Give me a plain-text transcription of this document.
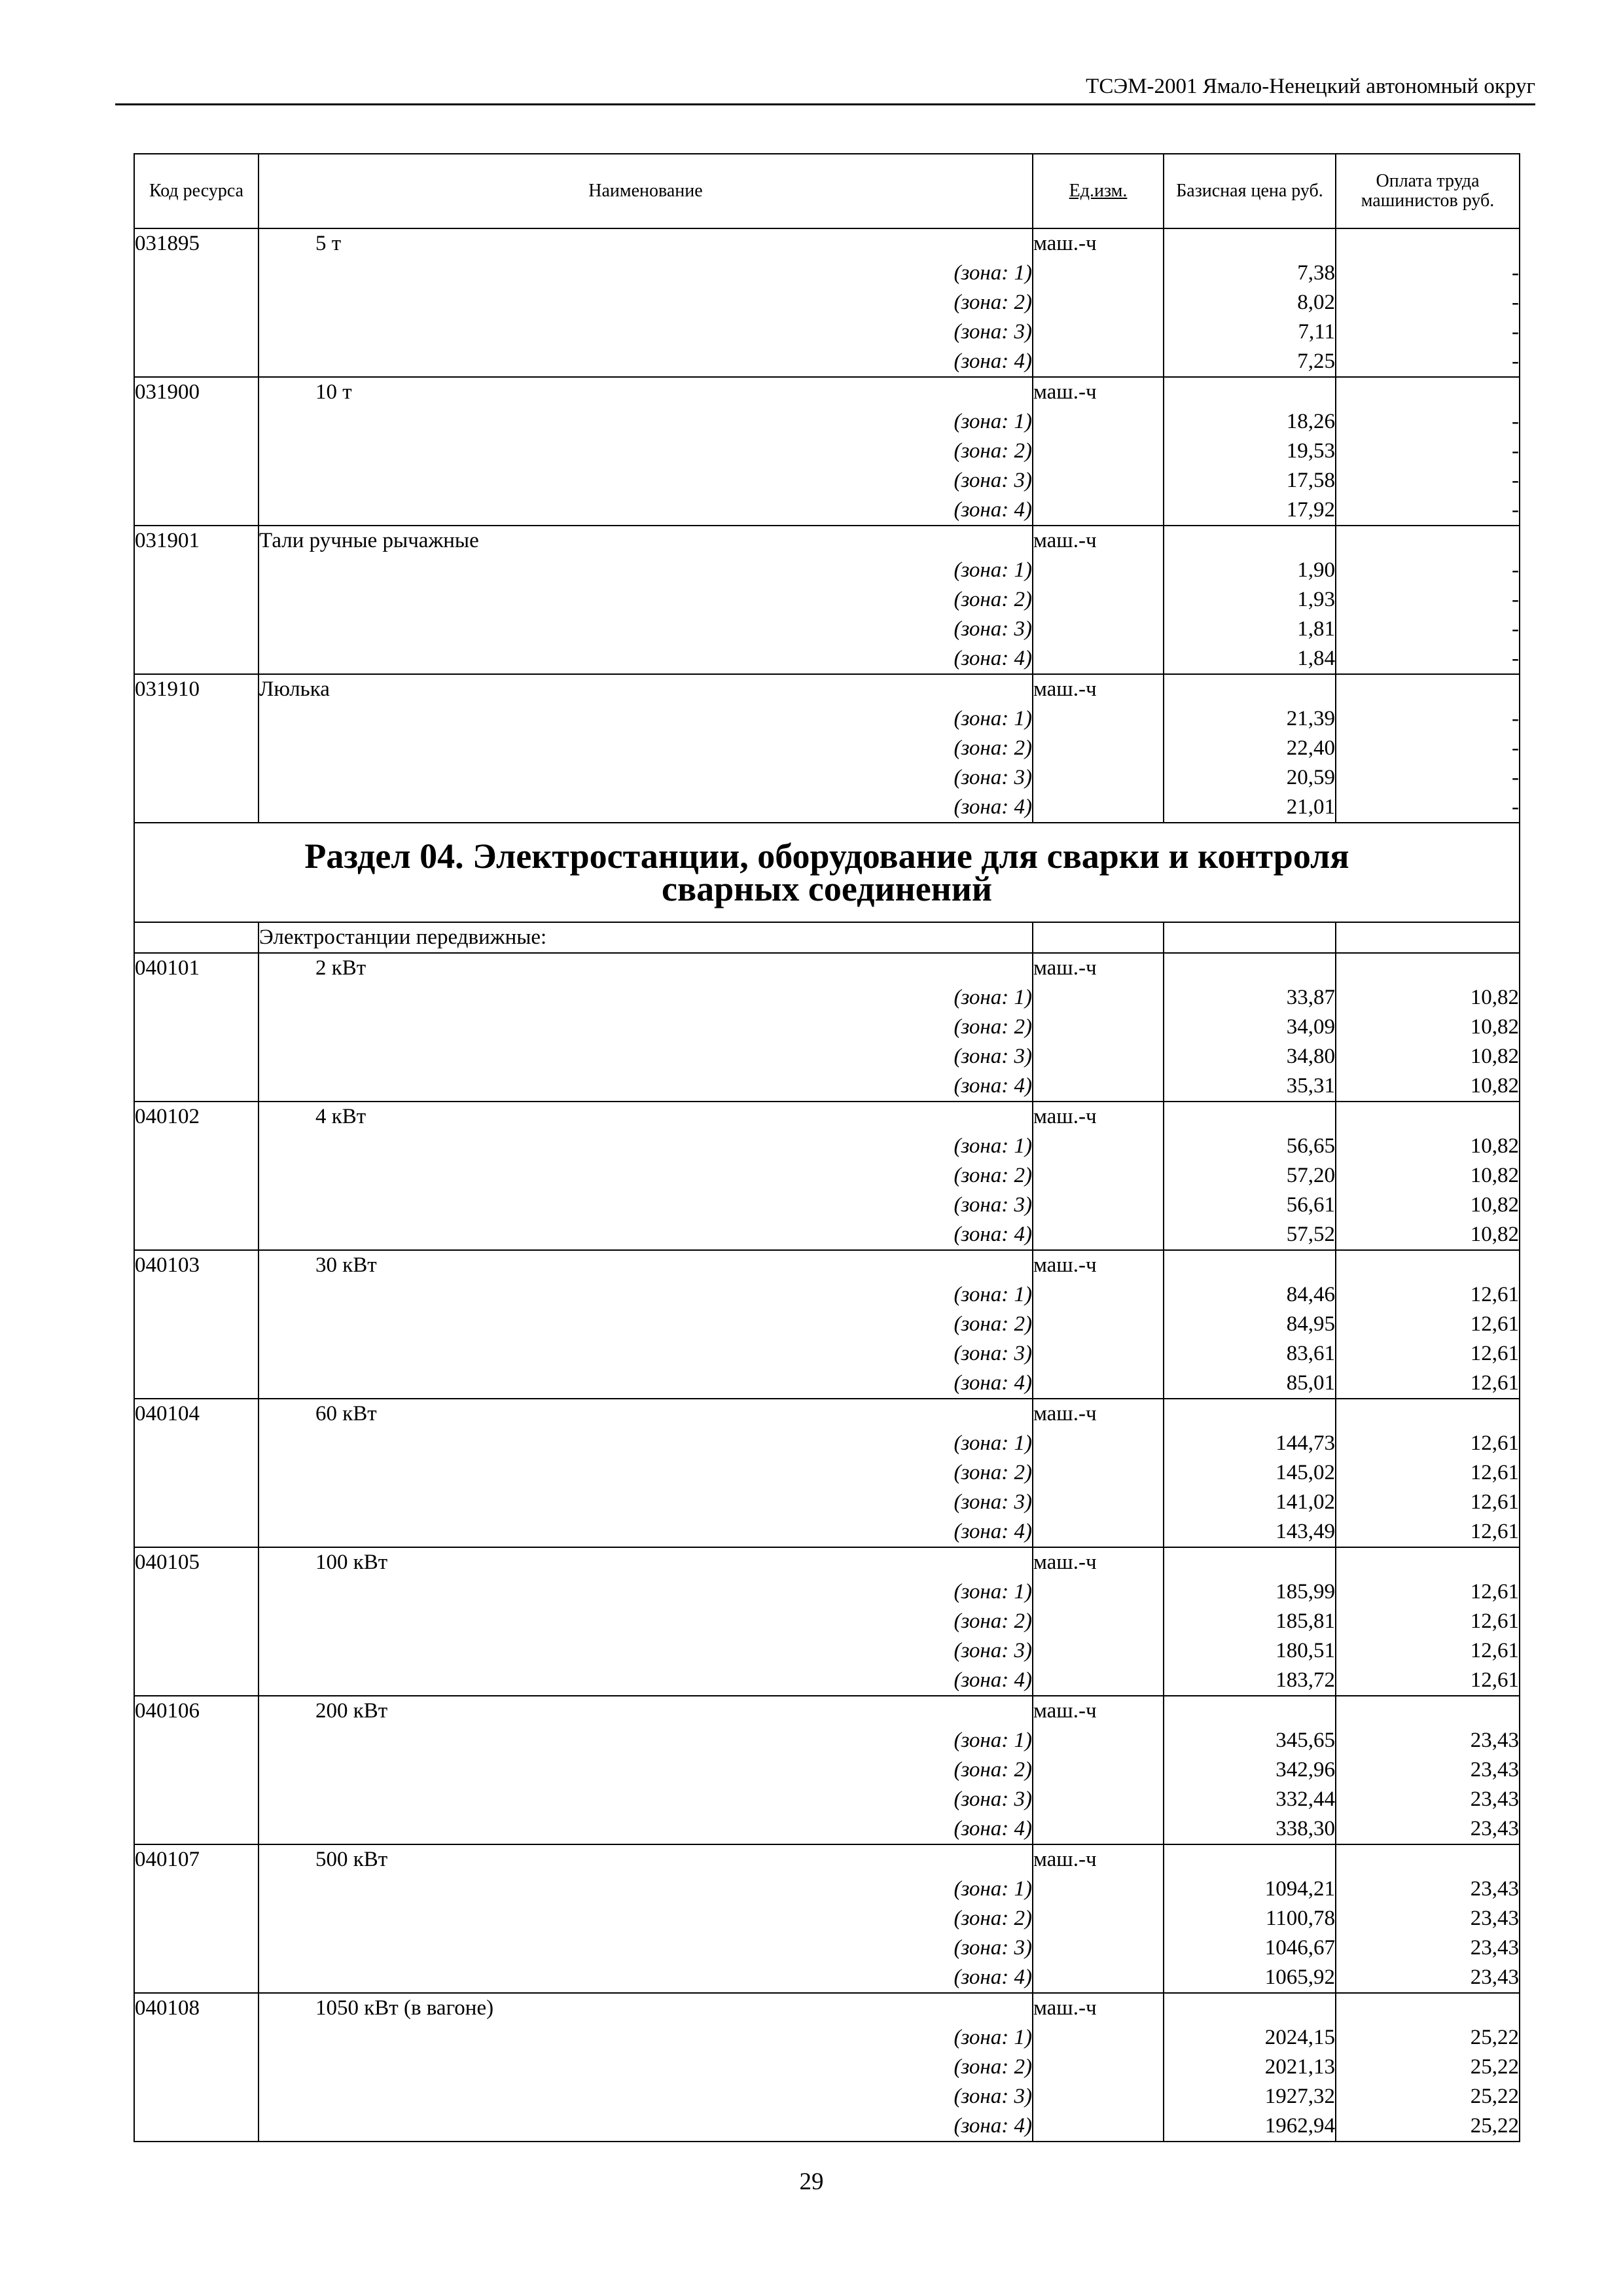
ТСЭМ-2001 Ямало-Ненецкий автономный округ
Код ресурса	Наименование	Ед.изм.	Базисная цена руб.	Оплата труда машинистов руб.
031895	5 т	маш.-ч		
	(зона: 1)		7,38	-
	(зона: 2)		8,02	-
	(зона: 3)		7,11	-
	(зона: 4)		7,25	-
031900	10 т	маш.-ч		
	(зона: 1)		18,26	-
	(зона: 2)		19,53	-
	(зона: 3)		17,58	-
	(зона: 4)		17,92	-
031901	Тали ручные рычажные	маш.-ч		
	(зона: 1)		1,90	-
	(зона: 2)		1,93	-
	(зона: 3)		1,81	-
	(зона: 4)		1,84	-
031910	Люлька	маш.-ч		
	(зона: 1)		21,39	-
	(зона: 2)		22,40	-
	(зона: 3)		20,59	-
	(зона: 4)		21,01	-

Раздел 04. Электростанции, оборудование для сварки и контроля сварных соединений				

	Электростанции передвижные:			
040101	2 кВт	маш.-ч		
	(зона: 1)		33,87	10,82
	(зона: 2)		34,09	10,82
	(зона: 3)		34,80	10,82
	(зона: 4)		35,31	10,82
040102	4 кВт	маш.-ч		
	(зона: 1)		56,65	10,82
	(зона: 2)		57,20	10,82
	(зона: 3)		56,61	10,82
	(зона: 4)		57,52	10,82
040103	30 кВт	маш.-ч		
	(зона: 1)		84,46	12,61
	(зона: 2)		84,95	12,61
	(зона: 3)		83,61	12,61
	(зона: 4)		85,01	12,61
040104	60 кВт	маш.-ч		
	(зона: 1)		144,73	12,61
	(зона: 2)		145,02	12,61
	(зона: 3)		141,02	12,61
	(зона: 4)		143,49	12,61
040105	100 кВт	маш.-ч		
	(зона: 1)		185,99	12,61
	(зона: 2)		185,81	12,61
	(зона: 3)		180,51	12,61
	(зона: 4)		183,72	12,61
040106	200 кВт	маш.-ч		
	(зона: 1)		345,65	23,43
	(зона: 2)		342,96	23,43
	(зона: 3)		332,44	23,43
	(зона: 4)		338,30	23,43
040107	500 кВт	маш.-ч		
	(зона: 1)		1094,21	23,43
	(зона: 2)		1100,78	23,43
	(зона: 3)		1046,67	23,43
	(зона: 4)		1065,92	23,43
040108	1050 кВт (в вагоне)	маш.-ч		
	(зона: 1)		2024,15	25,22
	(зона: 2)		2021,13	25,22
	(зона: 3)		1927,32	25,22
	(зона: 4)		1962,94	25,22
29
